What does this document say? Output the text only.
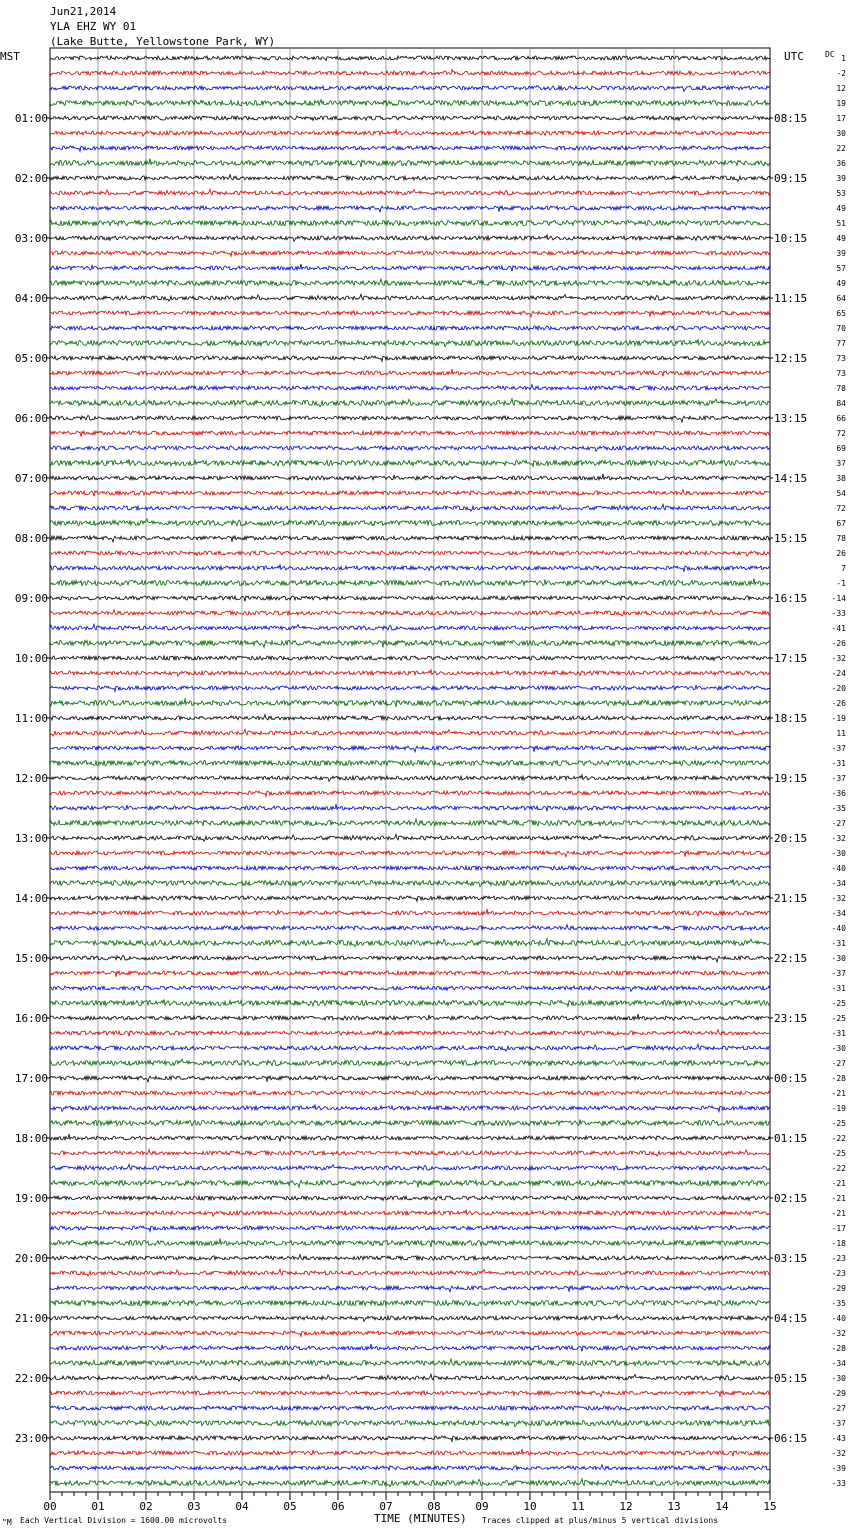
Jun21,2014
YLA EHZ WY 01
(Lake Butte, Yellowstone Park, WY)
MST	UTC	DC 1
-2
12
19
17
30
22
36
39
53
49
51
49
39
57
49
64
65
70
77
73
73
78
84
66
72
69
37
38
54
72
67
78
26
7
-1
-14
-33
-41
-26
-32
-24
-20
-26
-19
11
-37
-31
-37
-36
-35
-27
-32
-30
-40
-34
-32
-34
-40
-31
-30
-37
-31
-25
-25
-31
-30
-27
-28
-21
-19
-25
-22
-25
-22
-21
-21
-21
-17
-18
-23
-23
-29
-35
-40
-32
-28
-34
-30
-29
-27
-37
-43
-32
-39
-33
01:00
02:00
03:00
04:00
05:00
06:00
07:00
08:00
09:00
10:00
11:00
12:00
13:00
14:00
15:00
16:00
17:00
18:00
19:00
20:00
21:00
22:00
23:00
08:15
09:15
10:15
11:15
12:15
13:15
14:15
15:15
16:15
17:15
18:15
19:15
20:15
21:15
22:15
23:15
00:15
01:15
02:15
03:15
04:15
05:15
06:15
00	01	02	03	04	05	06	07	08	09	10	11	12	13	14	15
"M Each Vertical Division = 1600.00 microvolts	TIME (MINUTES) Traces clipped at plus/minus 5 vertical divisions
